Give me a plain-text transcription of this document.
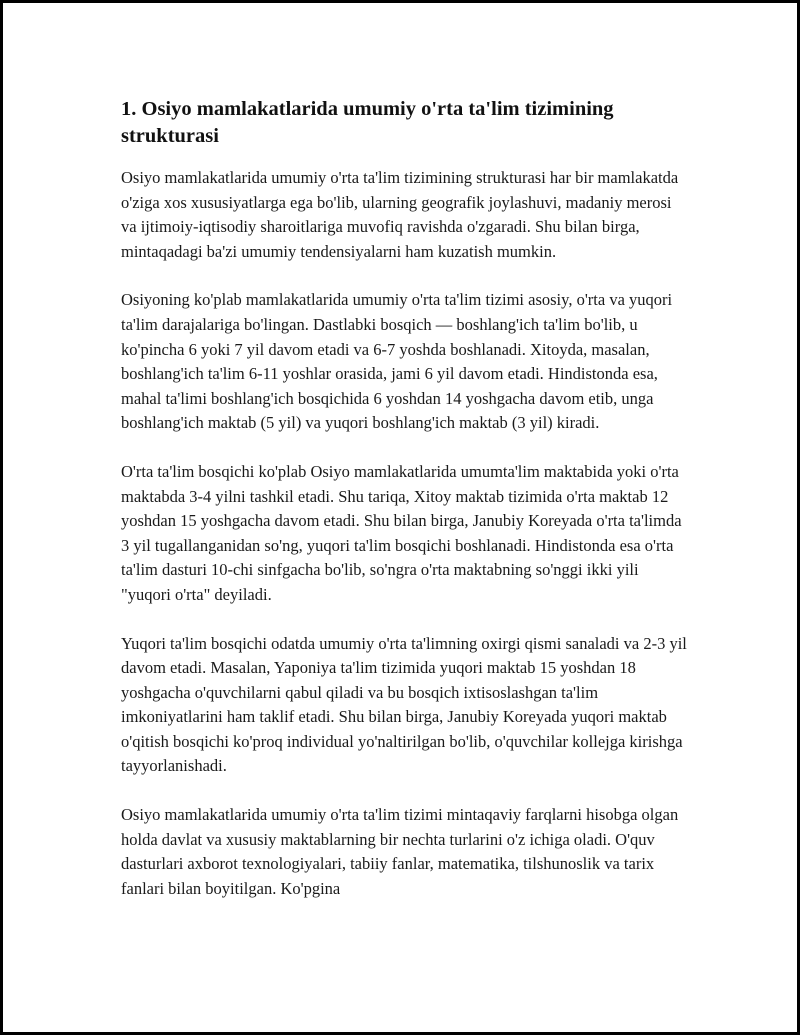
1. Osiyo mamlakatlarida umumiy o'rta ta'lim tizimining strukturasi

Osiyo mamlakatlarida umumiy o'rta ta'lim tizimining strukturasi har bir mamlakatda o'ziga xos xususiyatlarga ega bo'lib, ularning geografik joylashuvi, madaniy merosi va ijtimoiy-iqtisodiy sharoitlariga muvofiq ravishda o'zgaradi. Shu bilan birga, mintaqadagi ba'zi umumiy tendensiyalarni ham kuzatish mumkin.

Osiyoning ko'plab mamlakatlarida umumiy o'rta ta'lim tizimi asosiy, o'rta va yuqori ta'lim darajalariga bo'lingan. Dastlabki bosqich — boshlang'ich ta'lim bo'lib, u ko'pincha 6 yoki 7 yil davom etadi va 6-7 yoshda boshlanadi. Xitoyda, masalan, boshlang'ich ta'lim 6-11 yoshlar orasida, jami 6 yil davom etadi. Hindistonda esa, mahal ta'limi boshlang'ich bosqichida 6 yoshdan 14 yoshgacha davom etib, unga boshlang'ich maktab (5 yil) va yuqori boshlang'ich maktab (3 yil) kiradi.

O'rta ta'lim bosqichi ko'plab Osiyo mamlakatlarida umumta'lim maktabida yoki o'rta maktabda 3-4 yilni tashkil etadi. Shu tariqa, Xitoy maktab tizimida o'rta maktab 12 yoshdan 15 yoshgacha davom etadi. Shu bilan birga, Janubiy Koreyada o'rta ta'limda 3 yil tugallanganidan so'ng, yuqori ta'lim bosqichi boshlanadi. Hindistonda esa o'rta ta'lim dasturi 10-chi sinfgacha bo'lib, so'ngra o'rta maktabning so'nggi ikki yili "yuqori o'rta" deyiladi.

Yuqori ta'lim bosqichi odatda umumiy o'rta ta'limning oxirgi qismi sanaladi va 2-3 yil davom etadi. Masalan, Yaponiya ta'lim tizimida yuqori maktab 15 yoshdan 18 yoshgacha o'quvchilarni qabul qiladi va bu bosqich ixtisoslashgan ta'lim imkoniyatlarini ham taklif etadi. Shu bilan birga, Janubiy Koreyada yuqori maktab o'qitish bosqichi ko'proq individual yo'naltirilgan bo'lib, o'quvchilar kollejga kirishga tayyorlanishadi.

Osiyo mamlakatlarida umumiy o'rta ta'lim tizimi mintaqaviy farqlarni hisobga olgan holda davlat va xususiy maktablarning bir nechta turlarini o'z ichiga oladi. O'quv dasturlari axborot texnologiyalari, tabiiy fanlar, matematika, tilshunoslik va tarix fanlari bilan boyitilgan. Ko'pgina
